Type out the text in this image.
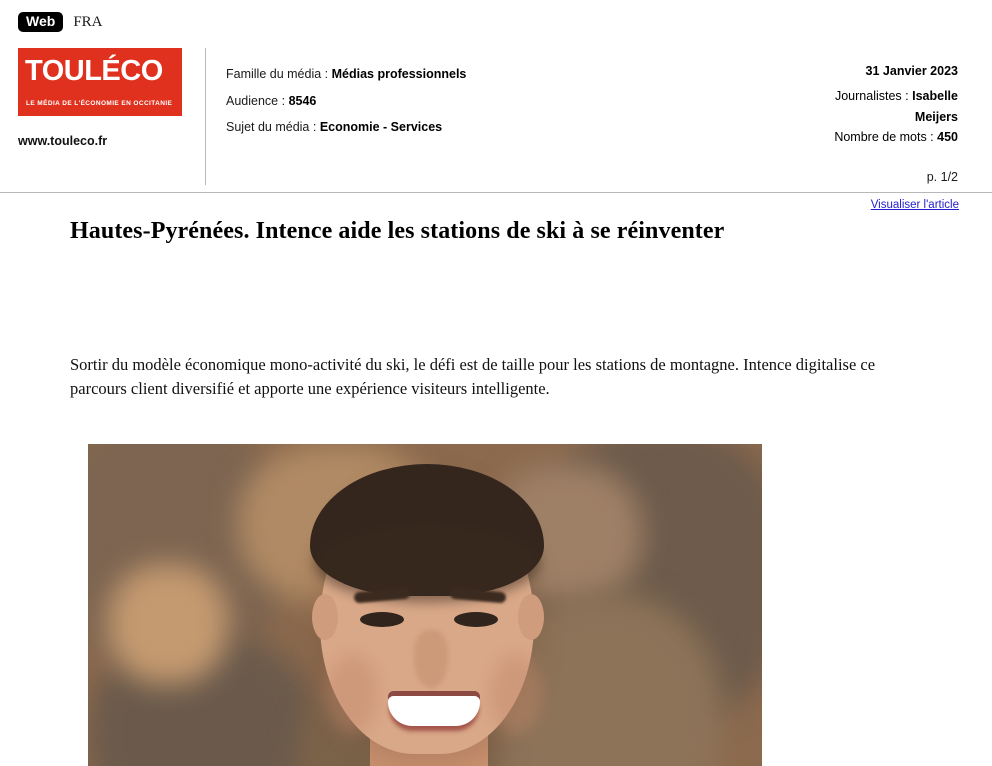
Web	FRA
TOULÉCO
LE MÉDIA DE L'ÉCONOMIE EN OCCITANIE
www.touleco.fr
Famille du média : Médias professionnels
Audience : 8546
Sujet du média : Economie - Services
31 Janvier 2023
Journalistes : Isabelle
Meijers
Nombre de mots : 450
p. 1/2
Visualiser l'article
Hautes-Pyrénées. Intence aide les stations de ski à se réinventer

Sortir du modèle économique mono-activité du ski, le défi est de taille pour les stations de montagne. Intence digitalise ce parcours client diversifié et apporte une expérience visiteurs intelligente.
